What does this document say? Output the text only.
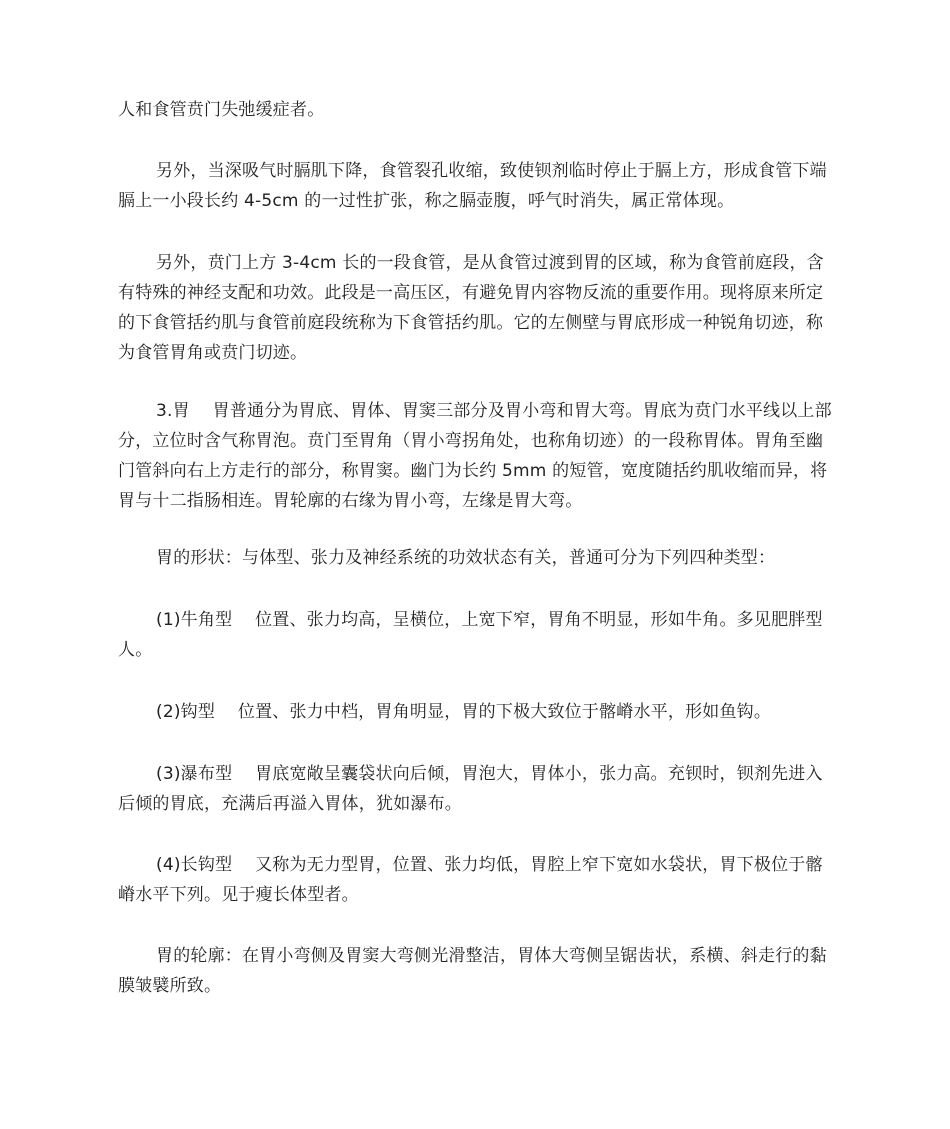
人和食管贲门失弛缓症者。

另外，当深吸气时膈肌下降，食管裂孔收缩，致使钡剂临时停止于膈上方，形成食管下端膈上一小段长约 4-5cm 的一过性扩张，称之膈壶腹，呼气时消失，属正常体现。

另外，贲门上方 3-4cm 长的一段食管，是从食管过渡到胃的区域，称为食管前庭段，含有特殊的神经支配和功效。此段是一高压区，有避免胃内容物反流的重要作用。现将原来所定的下食管括约肌与食管前庭段统称为下食管括约肌。它的左侧壁与胃底形成一种锐角切迹，称为食管胃角或贲门切迹。

3.胃　 胃普通分为胃底、胃体、胃窦三部分及胃小弯和胃大弯。胃底为贲门水平线以上部分，立位时含气称胃泡。贲门至胃角（胃小弯拐角处，也称角切迹）的一段称胃体。胃角至幽门管斜向右上方走行的部分，称胃窦。幽门为长约 5mm 的短管，宽度随括约肌收缩而异，将胃与十二指肠相连。胃轮廓的右缘为胃小弯，左缘是胃大弯。

胃的形状：与体型、张力及神经系统的功效状态有关，普通可分为下列四种类型：

(1)牛角型　 位置、张力均高，呈横位，上宽下窄，胃角不明显，形如牛角。多见肥胖型人。

(2)钩型　 位置、张力中档，胃角明显，胃的下极大致位于髂嵴水平，形如鱼钩。

(3)瀑布型　 胃底宽敞呈囊袋状向后倾，胃泡大，胃体小，张力高。充钡时，钡剂先进入后倾的胃底，充满后再溢入胃体，犹如瀑布。

(4)长钩型　 又称为无力型胃，位置、张力均低，胃腔上窄下宽如水袋状，胃下极位于髂嵴水平下列。见于瘦长体型者。

胃的轮廓：在胃小弯侧及胃窦大弯侧光滑整洁，胃体大弯侧呈锯齿状，系横、斜走行的黏膜皱襞所致。
